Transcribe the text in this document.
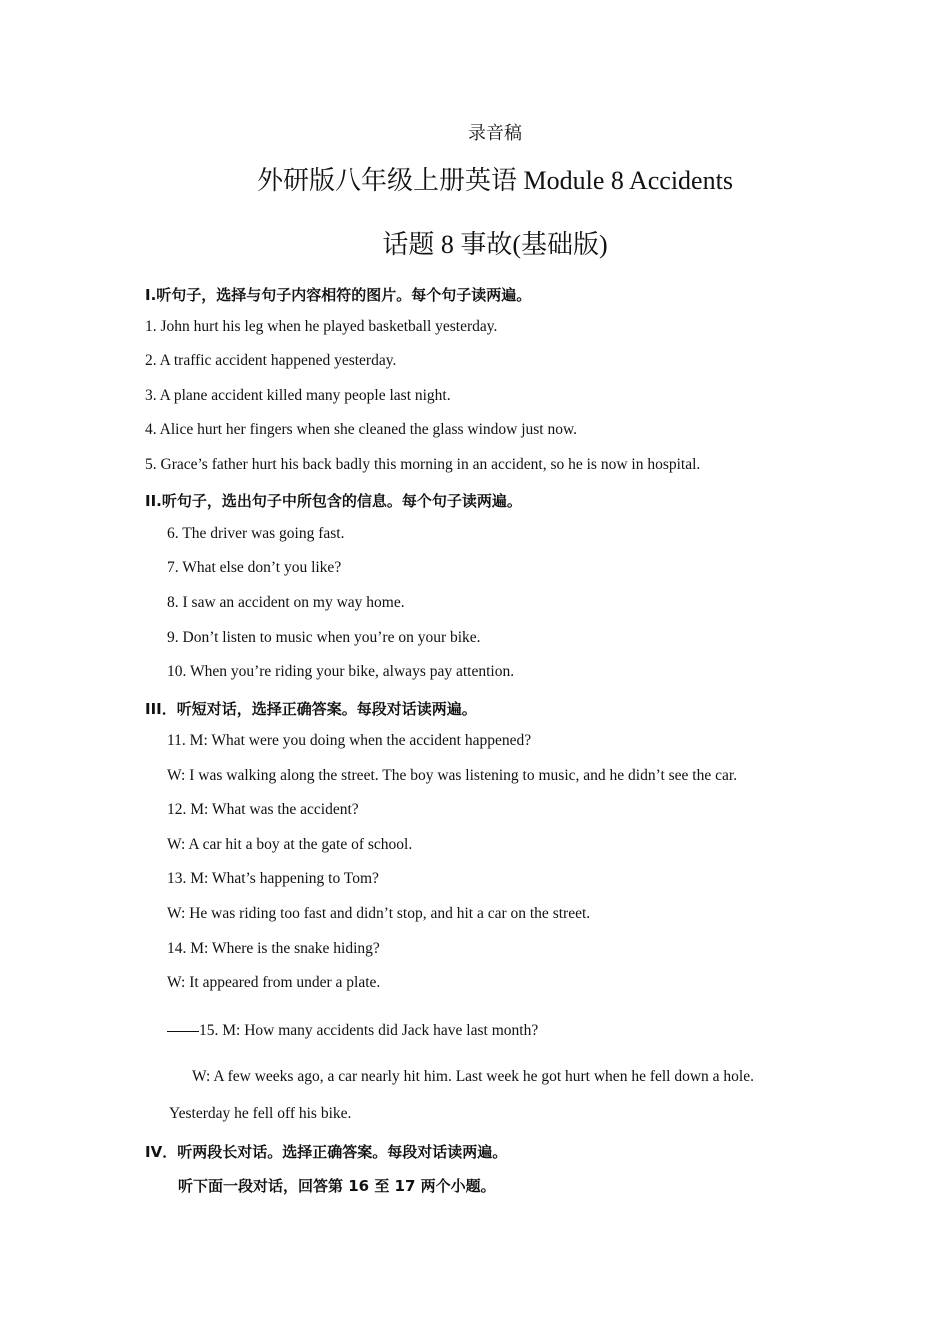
录音稿
外研版八年级上册英语 Module 8 Accidents
话题 8 事故(基础版)
I.听句子，选择与句子内容相符的图片。每个句子读两遍。
1. John hurt his leg when he played basketball yesterday.
2. A traffic accident happened yesterday.
3. A plane accident killed many people last night.
4. Alice hurt her fingers when she cleaned the glass window just now.
5. Grace’s father hurt his back badly this morning in an accident, so he is now in hospital.
II.听句子，选出句子中所包含的信息。每个句子读两遍。
6. The driver was going fast.
7. What else don’t you like?
8. I saw an accident on my way home.
9. Don’t listen to music when you’re on your bike.
10. When you’re riding your bike, always pay attention.
III．听短对话，选择正确答案。每段对话读两遍。
11. M: What were you doing when the accident happened?
W: I was walking along the street. The boy was listening to music, and he didn’t see the car.
12. M: What was the accident?
W: A car hit a boy at the gate of school.
13. M: What’s happening to Tom?
W: He was riding too fast and didn’t stop, and hit a car on the street.
14. M: Where is the snake hiding?
W: It appeared from under a plate.
15. M: How many accidents did Jack have last month?
W: A few weeks ago, a car nearly hit him. Last week he got hurt when he fell down a hole.
Yesterday he fell off his bike.
IV．听两段长对话。选择正确答案。每段对话读两遍。
听下面一段对话，回答第 16 至 17 两个小题。
